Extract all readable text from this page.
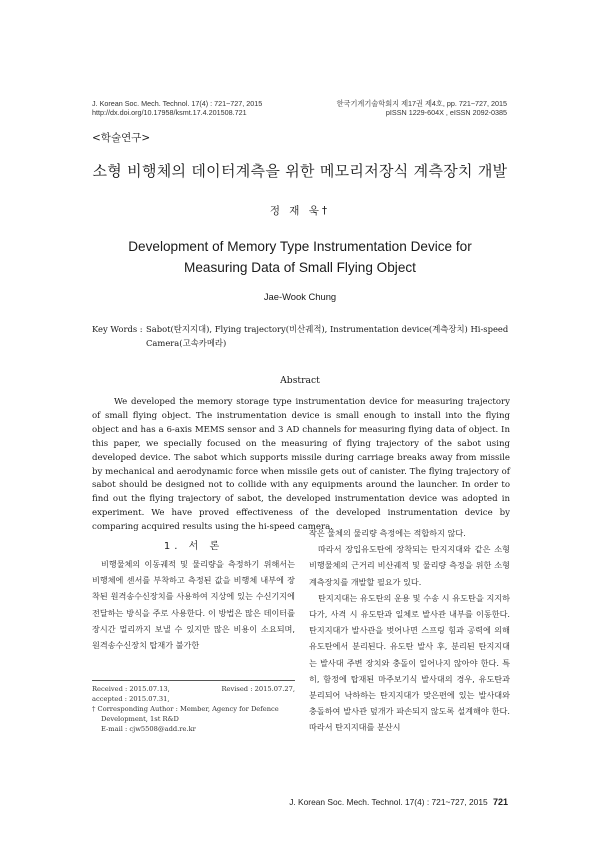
J. Korean Soc. Mech. Technol. 17(4) : 721~727, 2015
http://dx.doi.org/10.17958/ksmt.17.4.201508.721
한국기계기술학회지 제17권 제4호, pp. 721~727, 2015
pISSN 1229-604X , eISSN 2092-0385
<학술연구>
소형 비행체의 데이터계측을 위한 메모리저장식 계측장치 개발
정 재 욱†
Development of Memory Type Instrumentation Device for
Measuring Data of Small Flying Object
Jae-Wook Chung
Key Words : Sabot(탄지지대), Flying trajectory(비산궤적), Instrumentation device(계측장치) Hi-speed Camera(고속카메라)
Abstract

We developed the memory storage type instrumentation device for measuring trajectory of small flying object. The instrumentation device is small enough to install into the flying object and has a 6-axis MEMS sensor and 3 AD channels for measuring flying data of object. In this paper, we specially focused on the measuring of flying trajectory of the sabot using developed device. The sabot which supports missile during carriage breaks away from missile by mechanical and aerodynamic force when missile gets out of canister. The flying trajectory of sabot should be designed not to collide with any equipments around the launcher. In order to find out the flying trajectory of sabot, the developed instrumentation device was adopted in experiment. We have proved effectiveness of the developed instrumentation device by comparing acquired results using the hi-speed camera.

1. 서 론

비행물체의 이동궤적 및 물리량을 측정하기 위해서는 비행체에 센서를 부착하고 측정된 값을 비행체 내부에 장착된 원격송수신장치를 사용하여 지상에 있는 수신기지에 전달하는 방식을 주로 사용한다. 이 방법은 많은 데이터를 장시간 멀리까지 보낼 수 있지만 많은 비용이 소요되며, 원격송수신장치 탑재가 불가한

Received : 2015.07.13,	Revised : 2015.07.27,
accepted : 2015.07.31,
† Corresponding Author : Member, Agency for Defence
Development, 1st R&D
E-mail : cjw5508@add.re.kr

작은 물체의 물리량 측정에는 적합하지 않다.

따라서 장입유도탄에 장착되는 탄지지대와 같은 소형비행물체의 근거리 비산궤적 및 물리량 측정을 위한 소형계측장치를 개발할 필요가 있다.

탄지지대는 유도탄의 운용 및 수송 시 유도탄을 지지하다가, 사격 시 유도탄과 일체로 발사관 내부를 이동한다. 탄지지대가 발사관을 벗어나면 스프링 힘과 공력에 의해 유도탄에서 분리된다. 유도탄 발사 후, 분리된 탄지지대는 발사대 주변 장치와 충돌이 일어나지 않아야 한다. 특히, 함정에 탑재된 마주보기식 발사대의 경우, 유도탄과 분리되어 낙하하는 탄지지대가 맞은편에 있는 발사대와 충돌하여 발사관 덮개가 파손되지 않도록 설계해야 한다. 따라서 탄지지대를 분산시

J. Korean Soc. Mech. Technol. 17(4) : 721~727, 2015 721
